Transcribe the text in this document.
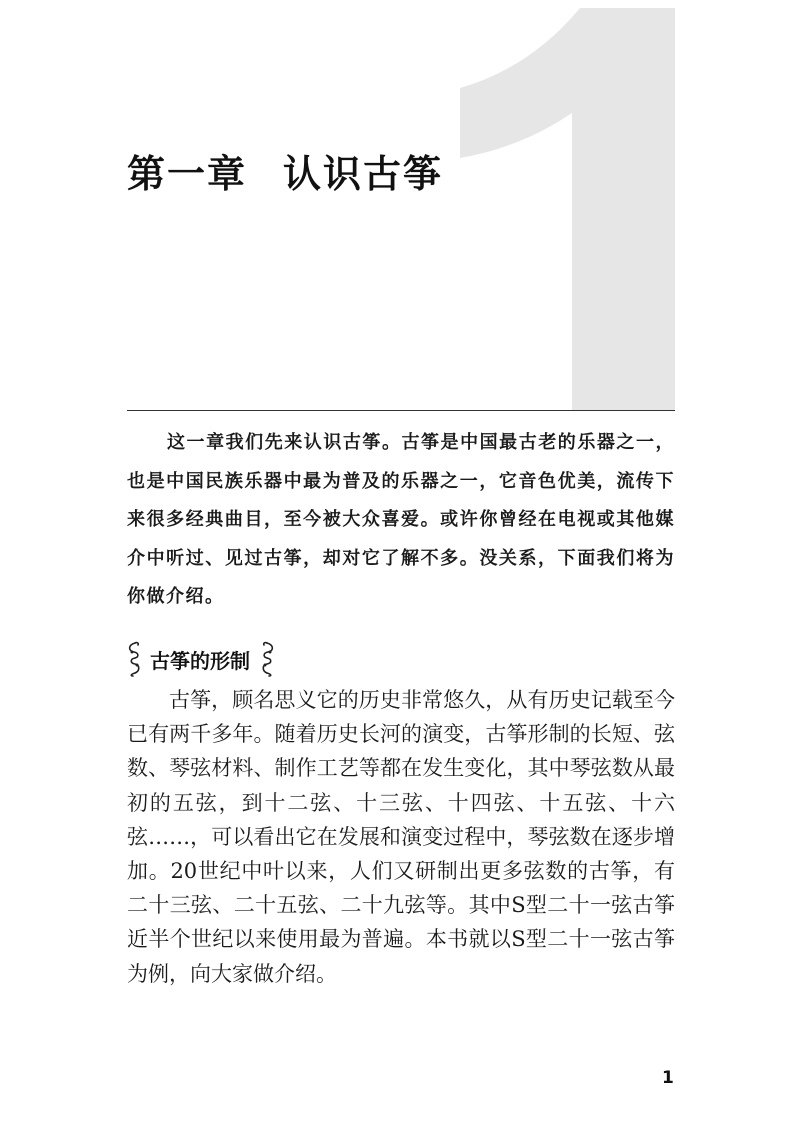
第一章 认识古筝

这一章我们先来认识古筝。古筝是中国最古老的乐器之一，也是中国民族乐器中最为普及的乐器之一，它音色优美，流传下来很多经典曲目，至今被大众喜爱。或许你曾经在电视或其他媒介中听过、见过古筝，却对它了解不多。没关系，下面我们将为你做介绍。

古筝的形制

古筝，顾名思义它的历史非常悠久，从有历史记载至今已有两千多年。随着历史长河的演变，古筝形制的长短、弦数、琴弦材料、制作工艺等都在发生变化，其中琴弦数从最初的五弦，到十二弦、十三弦、十四弦、十五弦、十六弦……，可以看出它在发展和演变过程中，琴弦数在逐步增加。20世纪中叶以来，人们又研制出更多弦数的古筝，有二十三弦、二十五弦、二十九弦等。其中S型二十一弦古筝近半个世纪以来使用最为普遍。本书就以S型二十一弦古筝为例，向大家做介绍。

1
